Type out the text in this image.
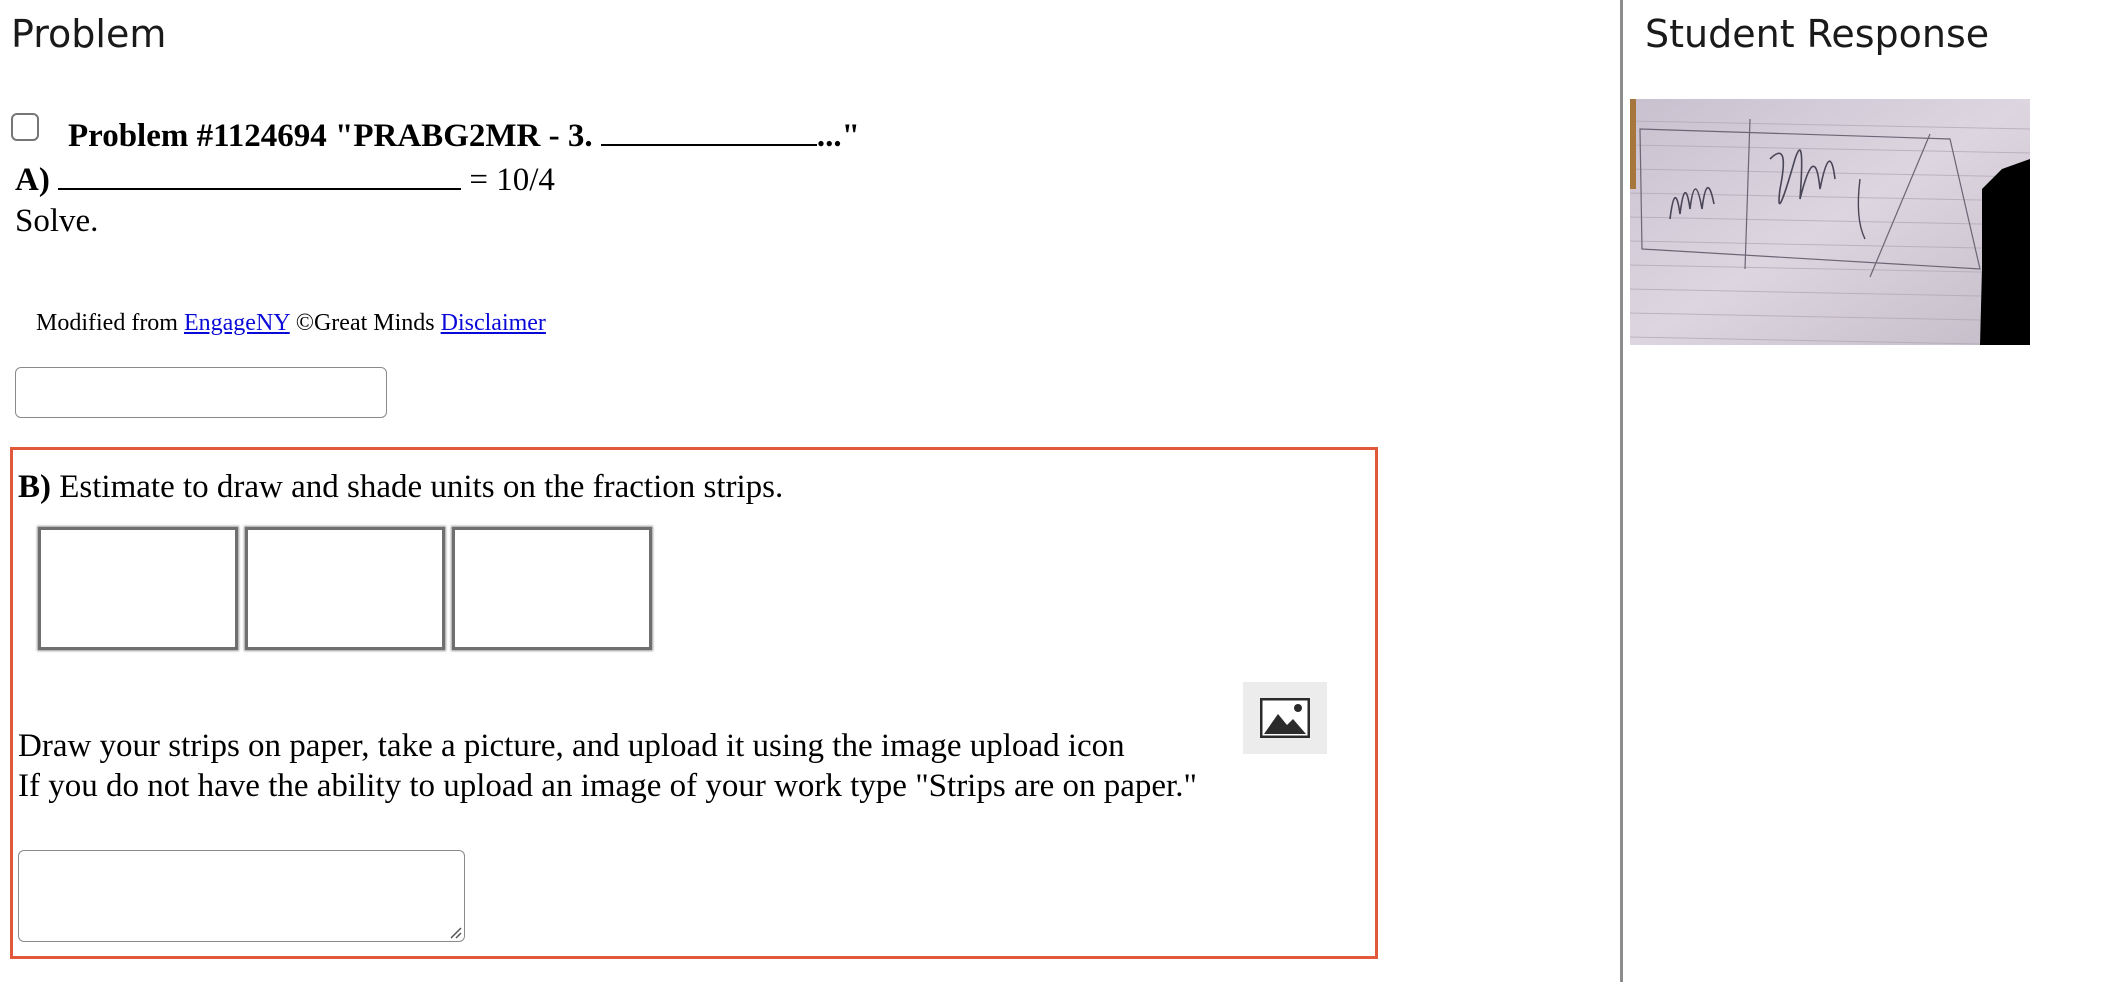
Problem
Problem #1124694 "PRABG2MR - 3.	..."
A)	= 10/4
Solve.
Modified from EngageNY ©Great Minds Disclaimer
B) Estimate to draw and shade units on the fraction strips.
Draw your strips on paper, take a picture, and upload it using the image upload icon
If you do not have the ability to upload an image of your work type "Strips are on paper."
Student Response
